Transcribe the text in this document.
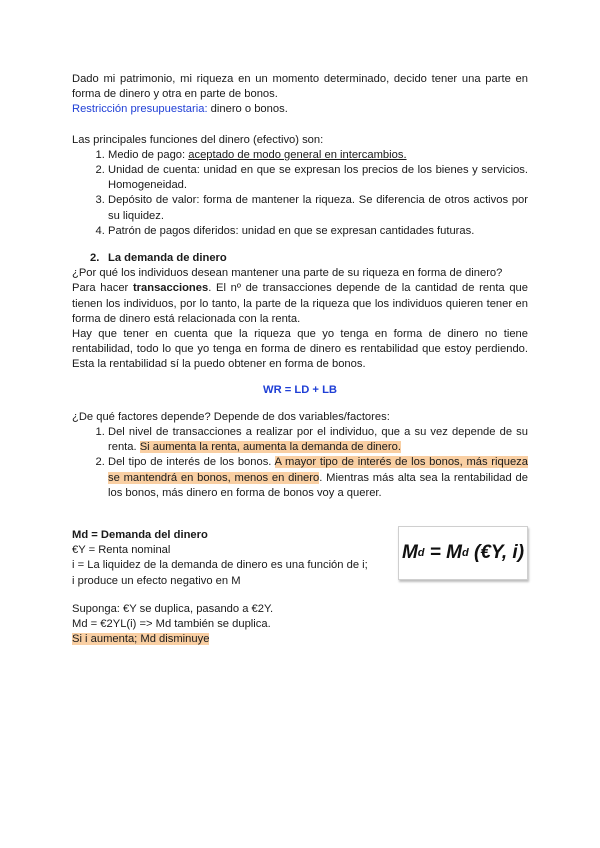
Dado mi patrimonio, mi riqueza en un momento determinado, decido tener una parte en forma de dinero y otra en parte de bonos.

Restricción presupuestaria: dinero o bonos.

Las principales funciones del dinero (efectivo) son:

1. Medio de pago: aceptado de modo general en intercambios.
2. Unidad de cuenta: unidad en que se expresan los precios de los bienes y servicios. Homogeneidad.
3. Depósito de valor: forma de mantener la riqueza. Se diferencia de otros activos por su liquidez.
4. Patrón de pagos diferidos: unidad en que se expresan cantidades futuras.

2. La demanda de dinero

¿Por qué los individuos desean mantener una parte de su riqueza en forma de dinero?

Para hacer transacciones. El nº de transacciones depende de la cantidad de renta que tienen los individuos, por lo tanto, la parte de la riqueza que los individuos quieren tener en forma de dinero está relacionada con la renta.

Hay que tener en cuenta que la riqueza que yo tenga en forma de dinero no tiene rentabilidad, todo lo que yo tenga en forma de dinero es rentabilidad que estoy perdiendo. Esta la rentabilidad sí la puedo obtener en forma de bonos.

WR = LD + LB

¿De qué factores depende? Depende de dos variables/factores:

1. Del nivel de transacciones a realizar por el individuo, que a su vez depende de su renta. Si aumenta la renta, aumenta la demanda de dinero.
2. Del tipo de interés de los bonos. A mayor tipo de interés de los bonos, más riqueza se mantendrá en bonos, menos en dinero. Mientras más alta sea la rentabilidad de los bonos, más dinero en forma de bonos voy a querer.

Md = Demanda del dinero

€Y = Renta nominal

i = La liquidez de la demanda de dinero es una función de i;

i produce un efecto negativo en M

M d = M d (€Y, i)

Suponga: €Y se duplica, pasando a €2Y.

Md = €2YL(i) => Md también se duplica.

Si i aumenta; Md disminuye
